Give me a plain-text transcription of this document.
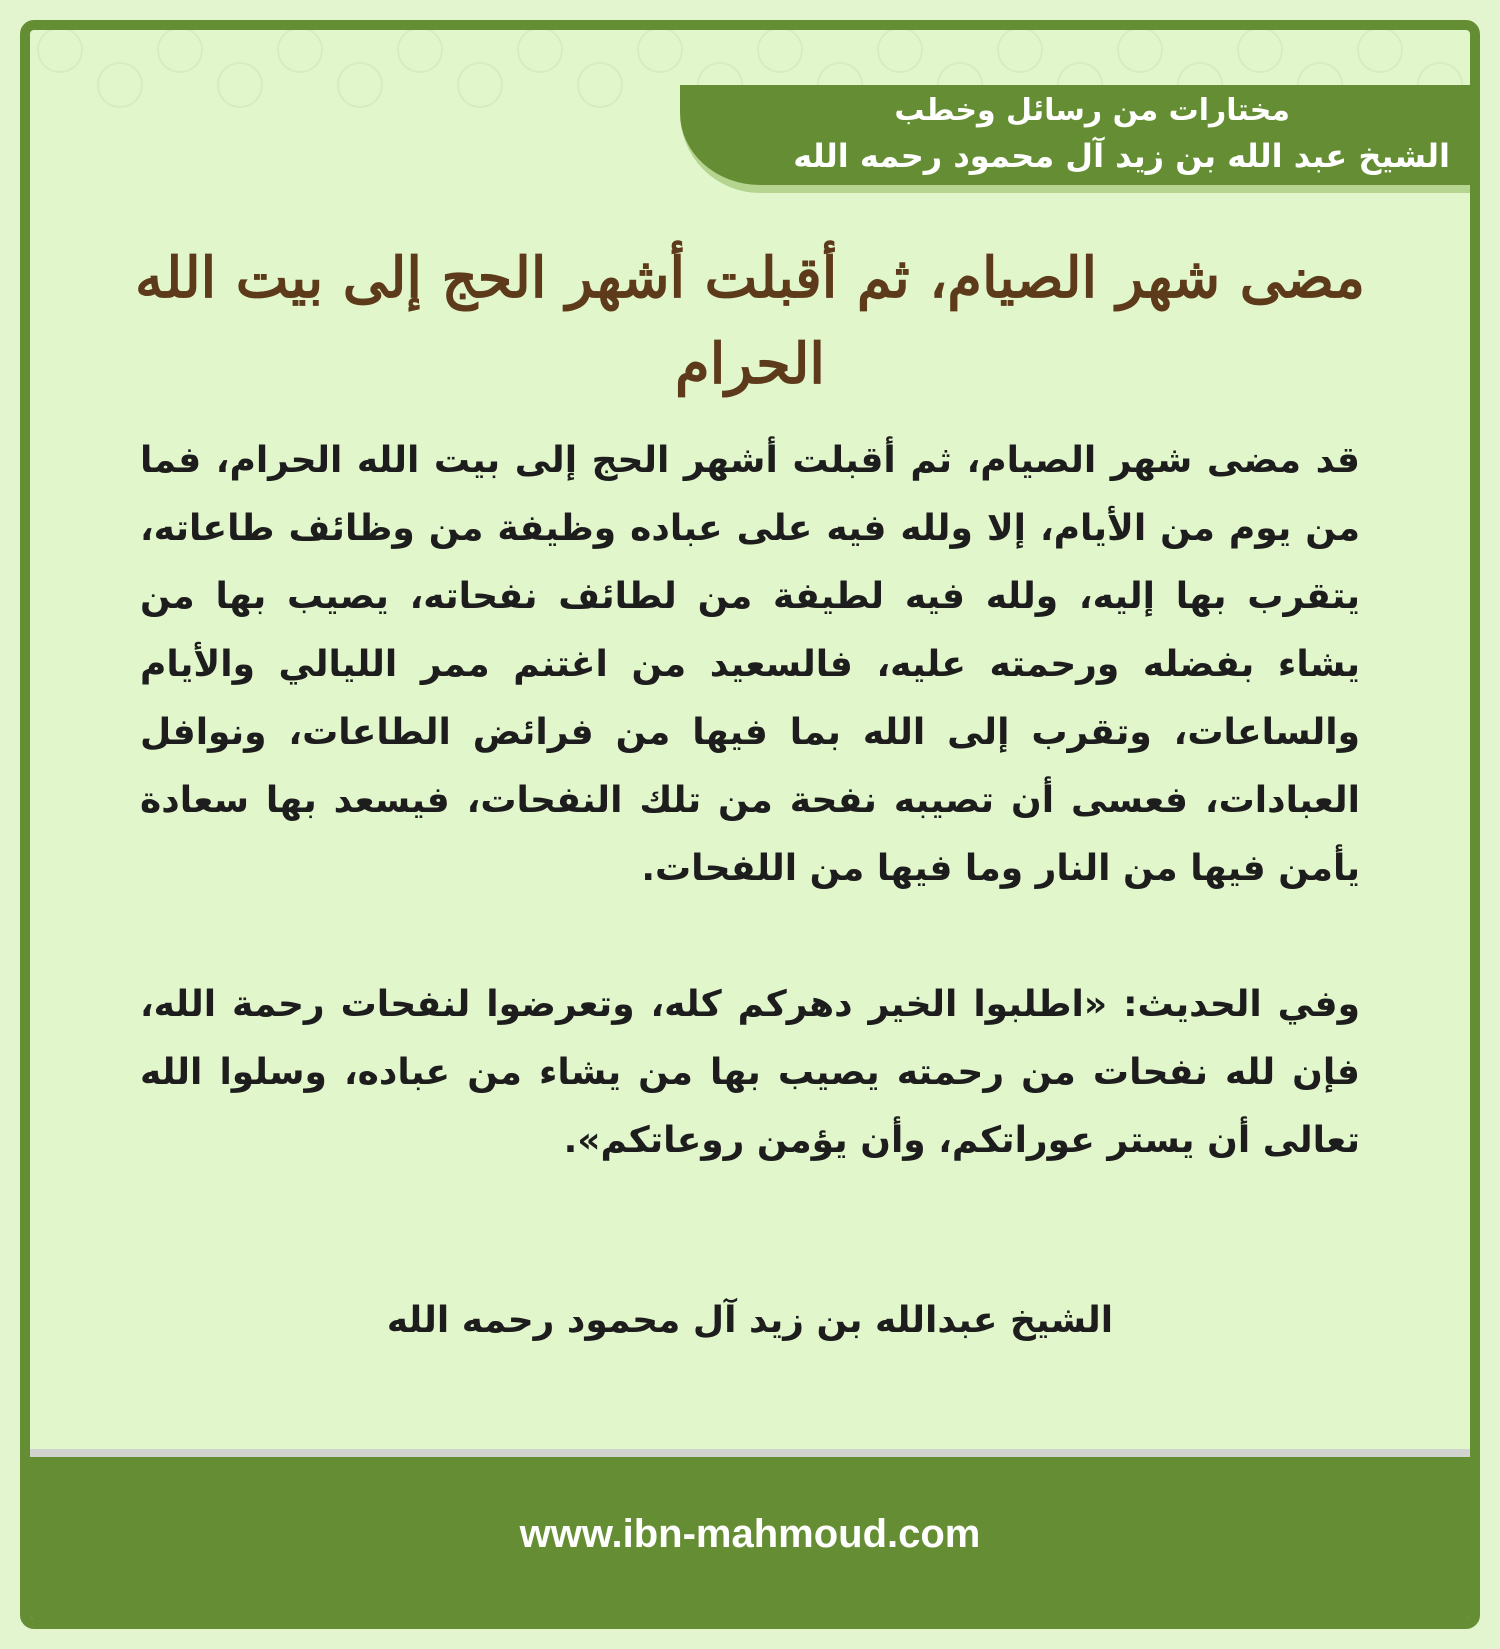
مختارات من رسائل وخطب
الشيخ عبد الله بن زيد آل محمود رحمه الله
مضى شهر الصيام، ثم أقبلت أشهر الحج إلى بيت الله الحرام

قد مضى شهر الصيام، ثم أقبلت أشهر الحج إلى بيت الله الحرام، فما من يوم من الأيام، إلا ولله فيه على عباده وظيفة من وظائف طاعاته، يتقرب بها إليه، ولله فيه لطيفة من لطائف نفحاته، يصيب بها من يشاء بفضله ورحمته عليه، فالسعيد من اغتنم ممر الليالي والأيام والساعات، وتقرب إلى الله بما فيها من فرائض الطاعات، ونوافل العبادات، فعسى أن تصيبه نفحة من تلك النفحات، فيسعد بها سعادة يأمن فيها من النار وما فيها من اللفحات.

وفي الحديث: «اطلبوا الخير دهركم كله، وتعرضوا لنفحات رحمة الله، فإن لله نفحات من رحمته يصيب بها من يشاء من عباده، وسلوا الله تعالى أن يستر عوراتكم، وأن يؤمن روعاتكم».

الشيخ عبدالله بن زيد آل محمود رحمه الله
www.ibn-mahmoud.com
